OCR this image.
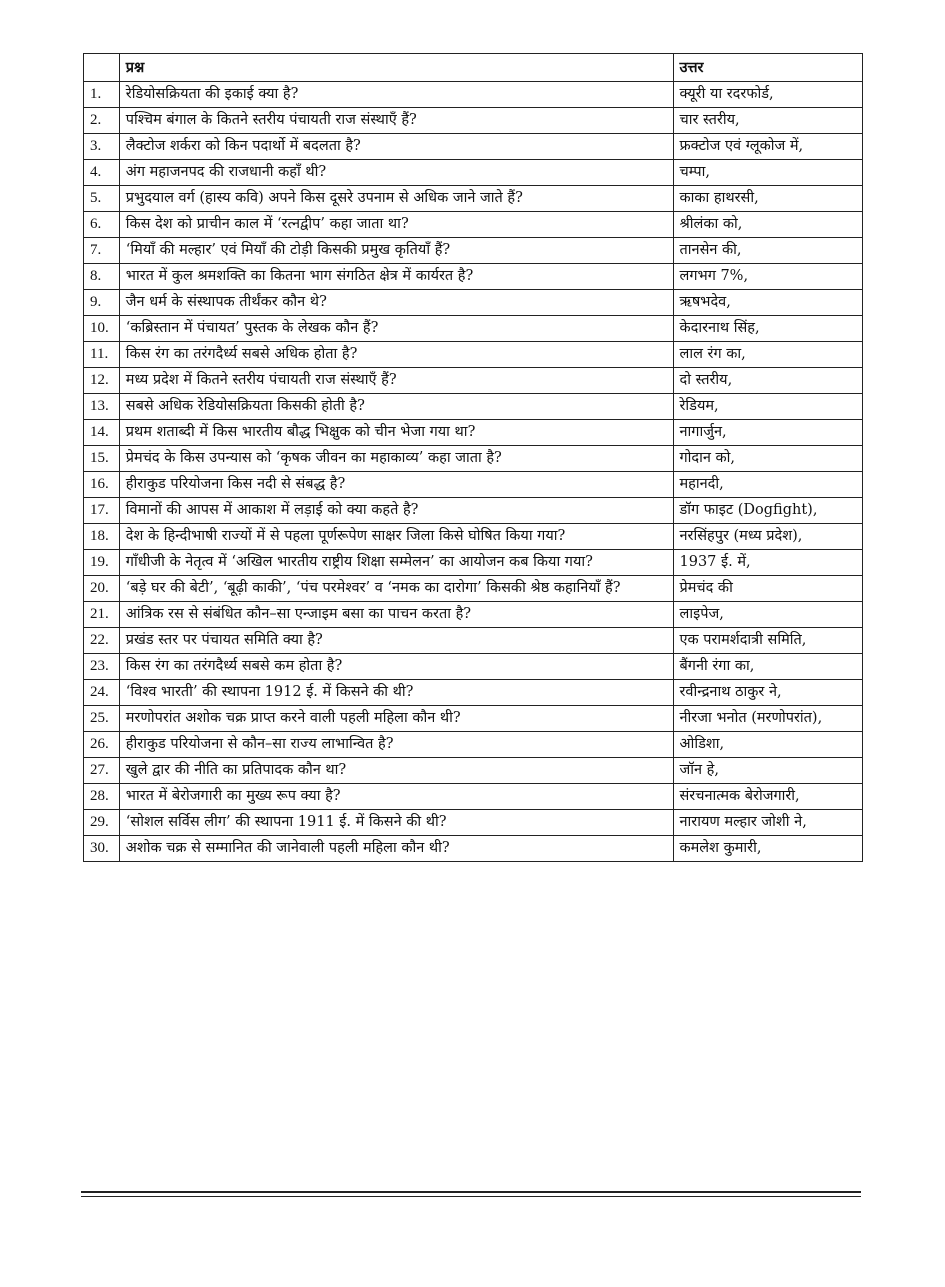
	प्रश्न	उत्तर
1.	रेडियोसक्रियता की इकाई क्या है?	क्यूरी या रदरफोर्ड,
2.	पश्चिम बंगाल के कितने स्तरीय पंचायती राज संस्थाएँ हैं?	चार स्तरीय,
3.	लैक्टोज शर्करा को किन पदार्थो में बदलता है?	फ्रक्टोज एवं ग्लूकोज में,
4.	अंग महाजनपद की राजधानी कहाँ थी?	चम्पा,
5.	प्रभुदयाल वर्ग (हास्य कवि) अपने किस दूसरे उपनाम से अधिक जाने जाते हैं?	काका हाथरसी,
6.	किस देश को प्राचीन काल में ‘रत्नद्वीप’ कहा जाता था?	श्रीलंका को,
7.	‘मियाँ की मल्हार’ एवं मियाँ की टोड़ी किसकी प्रमुख कृतियाँ हैं?	तानसेन की,
8.	भारत में कुल श्रमशक्ति का कितना भाग संगठित क्षेत्र में कार्यरत है?	लगभग 7%,
9.	जैन धर्म के संस्थापक तीर्थंकर कौन थे?	ऋषभदेव,
10.	‘कब्रिस्तान में पंचायत’ पुस्तक के लेखक कौन हैं?	केदारनाथ सिंह,
11.	किस रंग का तरंगदैर्ध्य सबसे अधिक होता है?	लाल रंग का,
12.	मध्य प्रदेश में कितने स्तरीय पंचायती राज संस्थाएँ हैं?	दो स्तरीय,
13.	सबसे अधिक रेडियोसक्रियता किसकी होती है?	रेडियम,
14.	प्रथम शताब्दी में किस भारतीय बौद्ध भिक्षुक को चीन भेजा गया था?	नागार्जुन,
15.	प्रेमचंद के किस उपन्यास को ‘कृषक जीवन का महाकाव्य’ कहा जाता है?	गोदान को,
16.	हीराकुड परियोजना किस नदी से संबद्ध है?	महानदी,
17.	विमानों की आपस में आकाश में लड़ाई को क्या कहते है?	डॉग फाइट (Dogfight),
18.	देश के हिन्दीभाषी राज्यों में से पहला पूर्णरूपेण साक्षर जिला किसे घोषित किया गया?	नरसिंहपुर (मध्य प्रदेश),
19.	गाँधीजी के नेतृत्व में ‘अखिल भारतीय राष्ट्रीय शिक्षा सम्मेलन’ का आयोजन कब किया गया?	1937 ई. में,
20.	‘बड़े घर की बेटी’, ‘बूढ़ी काकी’, ‘पंच परमेश्वर’ व ‘नमक का दारोगा’ किसकी श्रेष्ठ कहानियाँ हैं?	प्रेमचंद की
21.	आंत्रिक रस से संबंधित कौन–सा एन्जाइम बसा का पाचन करता है?	लाइपेज,
22.	प्रखंड स्तर पर पंचायत समिति क्या है?	एक परामर्शदात्री समिति,
23.	किस रंग का तरंगदैर्ध्य सबसे कम होता है?	बैंगनी रंगा का,
24.	‘विश्व भारती’ की स्थापना 1912 ई. में किसने की थी?	रवीन्द्रनाथ ठाकुर ने,
25.	मरणोपरांत अशोक चक्र प्राप्त करने वाली पहली महिला कौन थी?	नीरजा भनोत (मरणोपरांत),
26.	हीराकुड परियोजना से कौन–सा राज्य लाभान्वित है?	ओडिशा,
27.	खुले द्वार की नीति का प्रतिपादक कौन था?	जॉन हे,
28.	भारत में बेरोजगारी का मुख्य रूप क्या है?	संरचनात्मक बेरोजगारी,
29.	‘सोशल सर्विस लीग’ की स्थापना 1911 ई. में किसने की थी?	नारायण मल्हार जोशी ने,
30.	अशोक चक्र से सम्मानित की जानेवाली पहली महिला कौन थी?	कमलेश कुमारी,
